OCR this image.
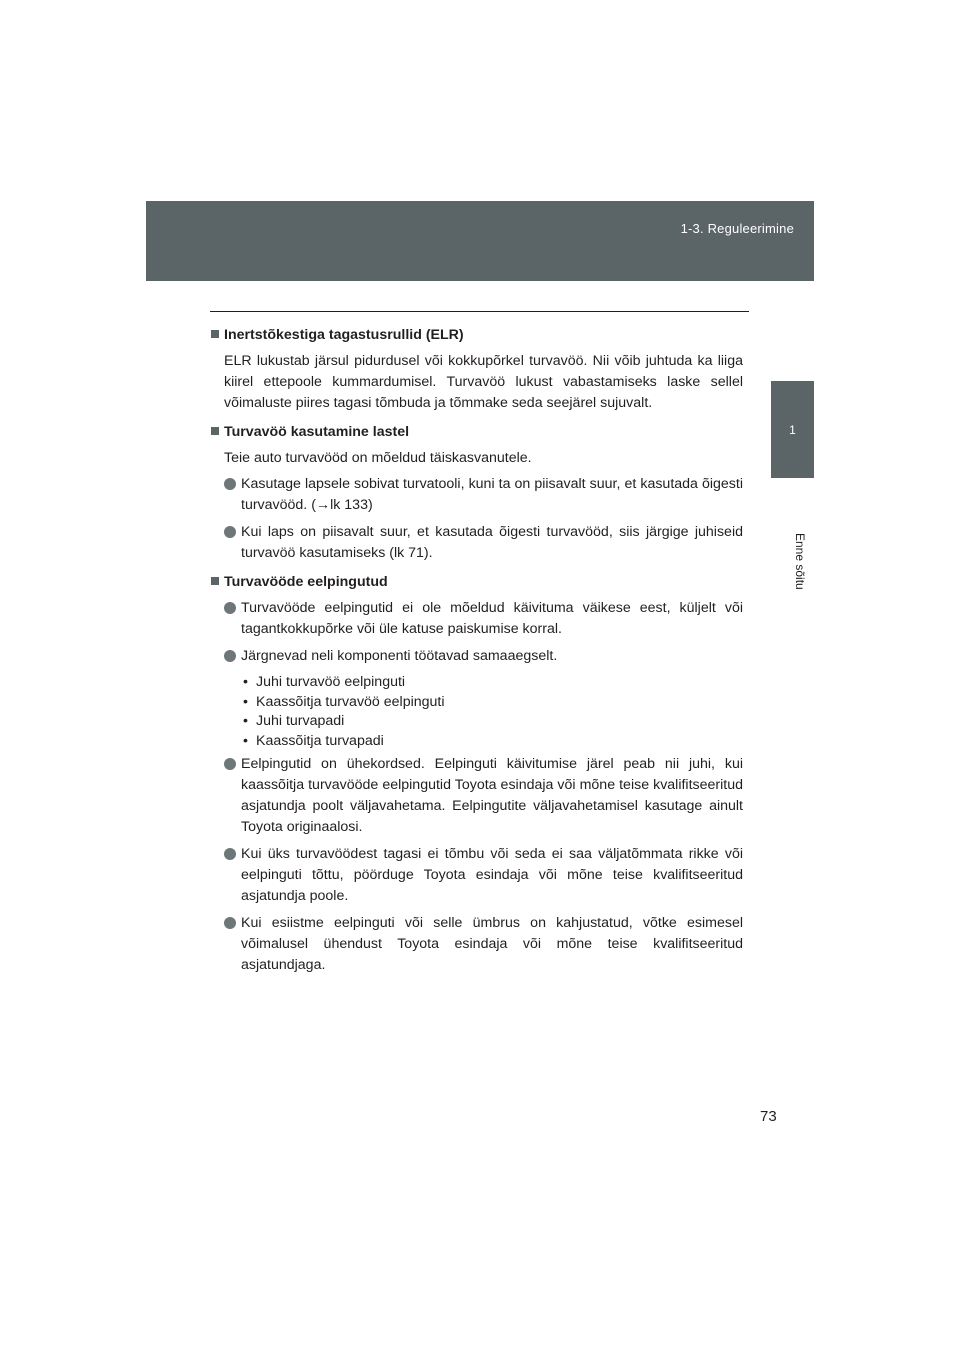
1-3. Reguleerimine
1
Enne sõitu
Inertstõkestiga tagastusrullid (ELR)
ELR lukustab järsul pidurdusel või kokkupõrkel turvavöö. Nii võib juhtuda ka liiga kiirel ettepoole kummardumisel. Turvavöö lukust vabastamiseks laske sellel võimaluste piires tagasi tõmbuda ja tõmmake seda seejärel sujuvalt.
Turvavöö kasutamine lastel
Teie auto turvavööd on mõeldud täiskasvanutele.
Kasutage lapsele sobivat turvatooli, kuni ta on piisavalt suur, et kasutada õigesti turvavööd. (→lk 133)
Kui laps on piisavalt suur, et kasutada õigesti turvavööd, siis järgige juhiseid turvavöö kasutamiseks (lk 71).
Turvavööde eelpingutud
Turvavööde eelpingutid ei ole mõeldud käivituma väikese eest, küljelt või tagantkokkupõrke või üle katuse paiskumise korral.
Järgnevad neli komponenti töötavad samaaegselt.
• Juhi turvavöö eelpinguti
• Kaassõitja turvavöö eelpinguti
• Juhi turvapadi
• Kaassõitja turvapadi
Eelpingutid on ühekordsed. Eelpinguti käivitumise järel peab nii juhi, kui kaassõitja turvavööde eelpingutid Toyota esindaja või mõne teise kvalifitseeritud asjatundja poolt väljavahetama. Eelpingutite väljavahetamisel kasutage ainult Toyota originaalosi.
Kui üks turvavöödest tagasi ei tõmbu või seda ei saa väljatõmmata rikke või eelpinguti tõttu, pöörduge Toyota esindaja või mõne teise kvalifitseeritud asjatundja poole.
Kui esiistme eelpinguti või selle ümbrus on kahjustatud, võtke esimesel võimalusel ühendust Toyota esindaja või mõne teise kvalifitseeritud asjatundjaga.
73
